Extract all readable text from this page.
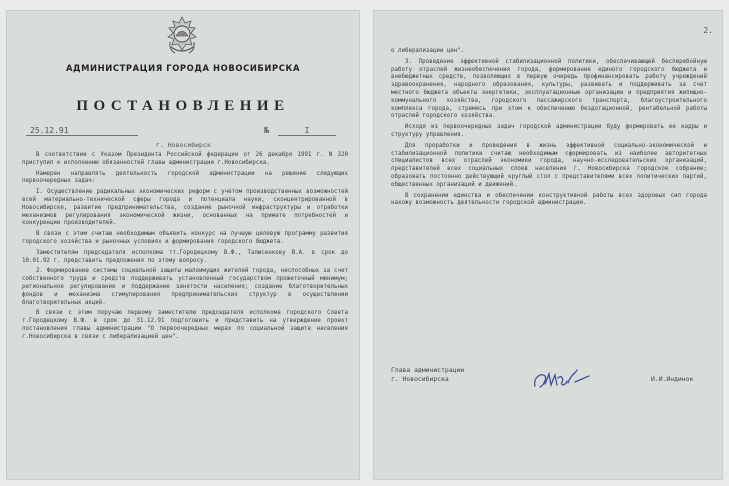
АДМИНИСТРАЦИЯ ГОРОДА НОВОСИБИРСКА
ПОСТАНОВЛЕНИЕ
25.12.91	№	I
г. Новосибирск

В соответствии с Указом Президента Российской федерации от 26 декабря 1991 г. N 320 приступил к исполнению обязанностей главы администрации г.Новосибирска.

Намерен направлять деятельность городской администрации на решение следующих первоочередных задач:

I. Осуществление радикальных экономических реформ с учетом производственных возможностей всей материально-технической сферы города и потенциала науки, сконцентрированной в Новосибирске, развитие предпринимательства, создание рыночной инфраструктуры и отработки механизмов регулирования экономической жизни, основанных на примате потребностей и конкуренции производителей.

В связи с этим считаю необходимым объявить конкурс на лучшую целевую программу развития городского хозяйства и рыночных условиях и формирования городского бюджета.

Заместителям председателя исполкома тт.Городецкому В.Ф., Талюсенкову В.А. в срок до 10.01.92 г. представить предложения по этому вопросу.

2. Формирование системы социальной защиты малоимущих жителей города, неспособных за счет собственного труда и средств поддерживать установленный государством прожиточный минимум; региональное регулирование и поддержание занятости населения; создание благотворительных фондов и механизма стимулирования предпринимательских структур в осуществлении благотворительных акций.

В связи с этим поручаю первому заместителю председателя исполкома городского Совета т.Городецкому В.Ф. в срок до 31.12.91 подготовить и представить на утверждение проект постановления главы администрации "О первоочередных мерах по социальной защите населения г.Новосибирска в связи с либерализацией цен".

2.

о либерализации цен".

3. Проведение эффективной стабилизационной политики, обеспечивающей бесперебойную работу отраслей жизнеобеспечения города, формирование единого городского бюджета и внебюджетных средств, позволяющих в первую очередь профинансировать работу учреждений здравоохранения, народного образования, культуры, развивать и поддерживать за счет местного бюджета объекты энергетики, эксплуатационные организации и предприятия жилищно-коммунального хозяйства, городского пассажирского транспорта, благоустроительного комплекса города, стремясь при этом к обеспечению бездотационной, рентабельной работы отраслей городского хозяйства.

Исходя из первоочередных задач городской администрации буду формировать ее кадры и структуру управления.

Для проработки и проведения в жизнь эффективной социально-экономической и стабилизационной политики считаю необходимым сформировать из наиболее авторитетных специалистов всех отраслей экономики города, научно-исследовательских организаций, представителей всех социальных слоев населения г. Новосибирска городское собрание; образовать постоянно действующий круглый стол с представителями всех политических партий, общественных организаций и движений.

В сохранении единства и обеспечении конструктивной работы всех здоровых сил города нахожу возможность деятельности городской администрации.

Глава администрации
г. Новосибирска	И.И.Индинок
